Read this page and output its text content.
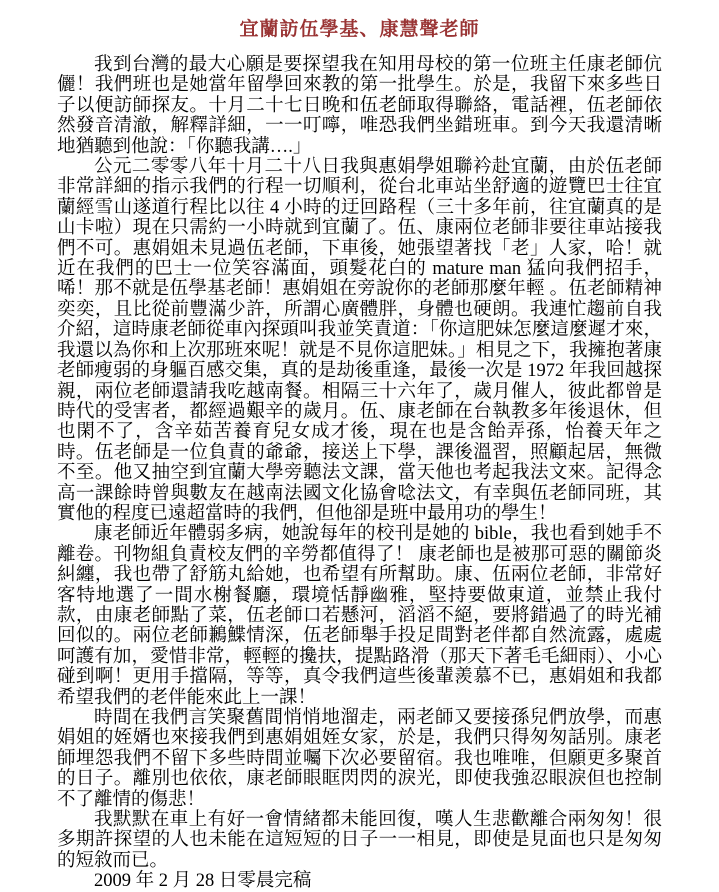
宜蘭訪伍學基、康慧聲老師

我到台灣的最大心願是要探望我在知用母校的第一位班主任康老師伉儷！我們班也是她當年留學回來教的第一批學生。於是，我留下來多些日子以便訪師探友。十月二十七日晚和伍老師取得聯絡，電話裡，伍老師依然發音清澈，解釋詳細，一一叮嚀，唯恐我們坐錯班車。到今天我還清晰地猶聽到他說：「你聽我講….」

公元二零零八年十月二十八日我與惠娟學姐聯衿赴宜蘭，由於伍老師非常詳細的指示我們的行程一切順利，從台北車站坐舒適的遊覽巴士往宜蘭經雪山遂道行程比以往 4 小時的迂回路程（三十多年前，往宜蘭真的是山卡啦）現在只需約一小時就到宜蘭了。伍、康兩位老師非要往車站接我們不可。惠娟姐未見過伍老師，下車後，她張望著找「老」人家，哈！就近在我們的巴士一位笑容滿面，頭髮花白的 mature man 猛向我們招手，唏！那不就是伍學基老師！惠娟姐在旁說你的老師那麼年輕 。伍老師精神奕奕，且比從前豐滿少許，所謂心廣體胖，身體也硬朗。我連忙趨前自我介紹，這時康老師從車內探頭叫我並笑責道：「你這肥妹怎麼這麼遲才來，我還以為你和上次那班來呢！就是不見你這肥妹。」相見之下，我擁抱著康老師瘦弱的身軀百感交集，真的是劫後重逢，最後一次是 1972 年我回越探親，兩位老師還請我吃越南餐。相隔三十六年了，歲月催人，彼此都曾是時代的受害者，都經過艱辛的歲月。伍、康老師在台執教多年後退休，但也閑不了，含辛茹苦養育兒女成才後，現在也是含飴弄孫，怡養天年之時。伍老師是一位負責的爺爺，接送上下學，課後溫習，照顧起居，無微不至。他又抽空到宜蘭大學旁聽法文課，當天他也考起我法文來。記得念高一課餘時曾與數友在越南法國文化協會唸法文，有幸與伍老師同班，其實他的程度已遠超當時的我們，但他卻是班中最用功的學生！

康老師近年體弱多病，她說每年的校刊是她的 bible，我也看到她手不離卷。刊物組負責校友們的辛勞都值得了！ 康老師也是被那可惡的關節炎糾纏，我也帶了舒筋丸給她，也希望有所幫助。康、伍兩位老師，非常好客特地選了一間水榭餐廳，環境恬靜幽雅，堅持要做東道，並禁止我付款，由康老師點了菜，伍老師口若懸河，滔滔不絕，要將錯過了的時光補回似的。兩位老師鶼鰈情深，伍老師舉手投足間對老伴都自然流露，處處呵護有加，愛惜非常，輕輕的攙扶，提點路滑（那天下著毛毛細雨）、小心碰到啊！更用手擋隔，等等，真令我們這些後輩羨慕不已，惠娟姐和我都希望我們的老伴能來此上一課！

時間在我們言笑聚舊間悄悄地溜走，兩老師又要接孫兒們放學，而惠娟姐的姪婿也來接我們到惠娟姐姪女家，於是，我們只得匆匆話別。康老師埋怨我們不留下多些時間並囑下次必要留宿。我也唯唯，但願更多聚首的日子。離別也依依，康老師眼眶閃閃的淚光，即使我強忍眼淚但也控制不了離情的傷悲！

我默默在車上有好一會情緒都未能回復，嘆人生悲歡離合兩匆匆！很多期許探望的人也未能在這短短的日子一一相見，即使是見面也只是匆匆的短敘而已。

2009 年 2 月 28 日零晨完稿
